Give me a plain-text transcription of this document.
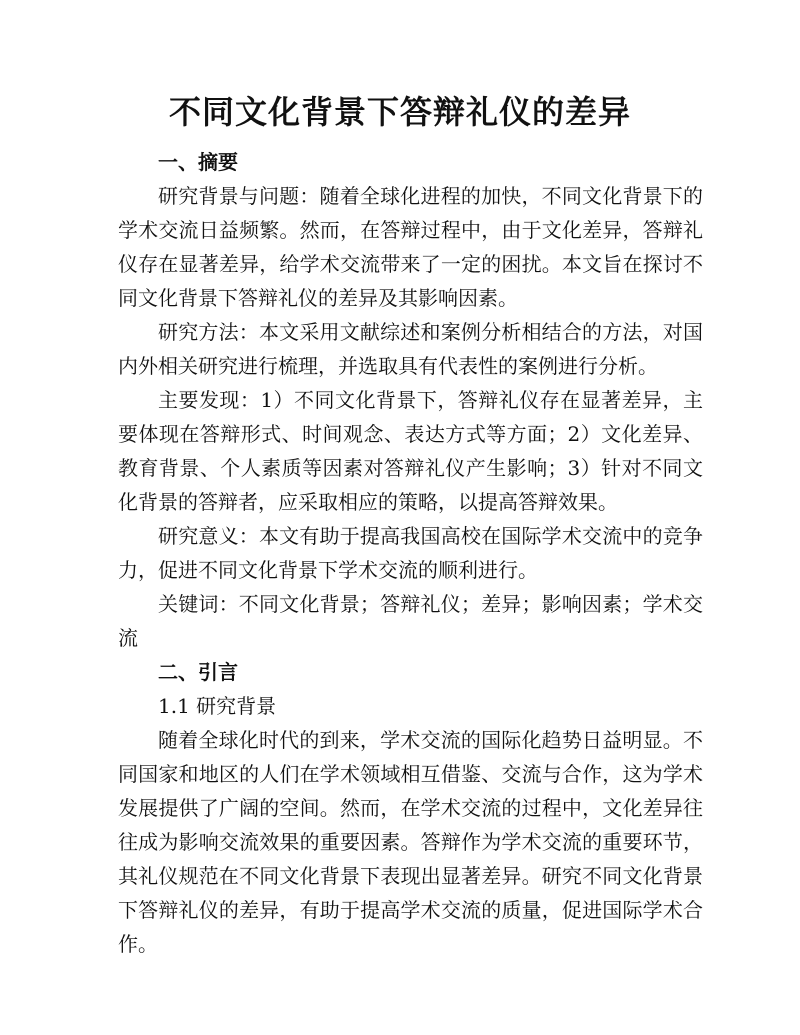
不同文化背景下答辩礼仪的差异

一、摘要

研究背景与问题：随着全球化进程的加快，不同文化背景下的学术交流日益频繁。然而，在答辩过程中，由于文化差异，答辩礼仪存在显著差异，给学术交流带来了一定的困扰。本文旨在探讨不同文化背景下答辩礼仪的差异及其影响因素。

研究方法：本文采用文献综述和案例分析相结合的方法，对国内外相关研究进行梳理，并选取具有代表性的案例进行分析。

主要发现：1）不同文化背景下，答辩礼仪存在显著差异，主要体现在答辩形式、时间观念、表达方式等方面；2）文化差异、教育背景、个人素质等因素对答辩礼仪产生影响；3）针对不同文化背景的答辩者，应采取相应的策略，以提高答辩效果。

研究意义：本文有助于提高我国高校在国际学术交流中的竞争力，促进不同文化背景下学术交流的顺利进行。

关键词：不同文化背景；答辩礼仪；差异；影响因素；学术交流

二、引言

1.1 研究背景

随着全球化时代的到来，学术交流的国际化趋势日益明显。不同国家和地区的人们在学术领域相互借鉴、交流与合作，这为学术发展提供了广阔的空间。然而，在学术交流的过程中，文化差异往往成为影响交流效果的重要因素。答辩作为学术交流的重要环节，其礼仪规范在不同文化背景下表现出显著差异。研究不同文化背景下答辩礼仪的差异，有助于提高学术交流的质量，促进国际学术合作。
